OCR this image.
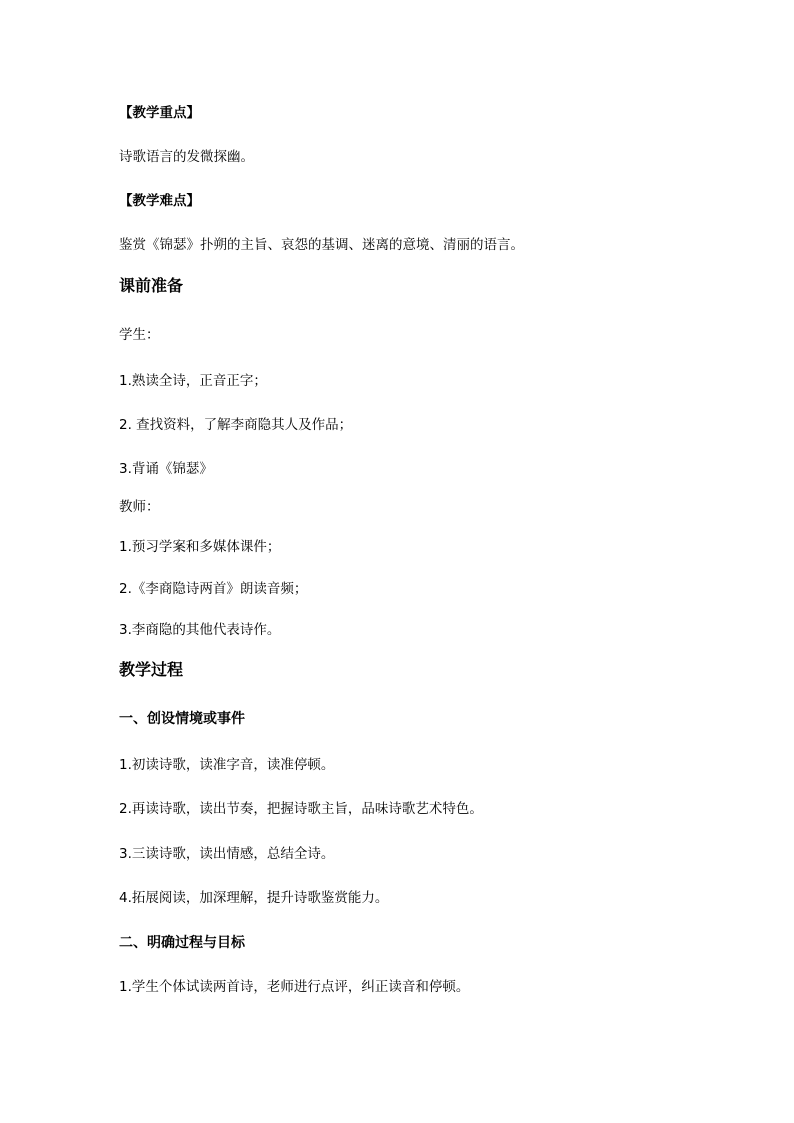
【教学重点】
诗歌语言的发微探幽。
【教学难点】
鉴赏《锦瑟》扑朔的主旨、哀怨的基调、迷离的意境、清丽的语言。
课前准备
学生：
1.熟读全诗，正音正字；
2. 查找资料，了解李商隐其人及作品；
3.背诵《锦瑟》
教师：
1.预习学案和多媒体课件；
2.《李商隐诗两首》朗读音频；
3.李商隐的其他代表诗作。
教学过程
一、创设情境或事件
1.初读诗歌，读准字音，读准停顿。
2.再读诗歌，读出节奏，把握诗歌主旨，品味诗歌艺术特色。
3.三读诗歌，读出情感，总结全诗。
4.拓展阅读，加深理解，提升诗歌鉴赏能力。
二、明确过程与目标
1.学生个体试读两首诗，老师进行点评，纠正读音和停顿。
